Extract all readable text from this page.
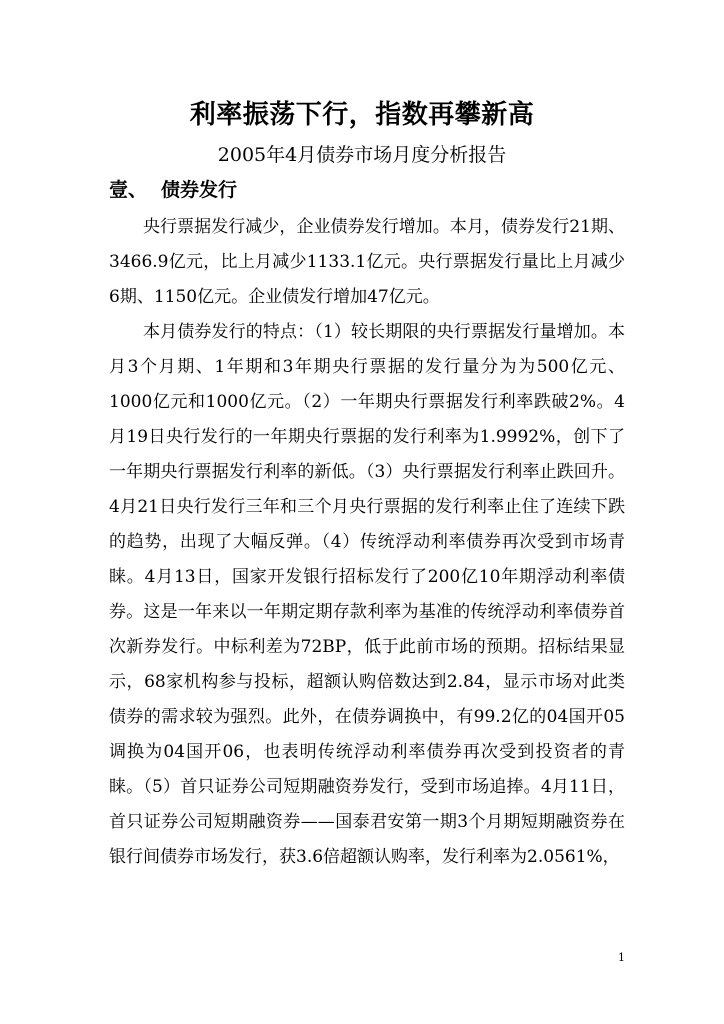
利率振荡下行，指数再攀新高
2005年4月债券市场月度分析报告
壹、 债券发行

央行票据发行减少，企业债券发行增加。本月，债券发行21期、3466.9亿元，比上月减少1133.1亿元。央行票据发行量比上月减少6期、1150亿元。企业债发行增加47亿元。

本月债券发行的特点：（1）较长期限的央行票据发行量增加。本月3个月期、1年期和3年期央行票据的发行量分为为500亿元、1000亿元和1000亿元。（2）一年期央行票据发行利率跌破2%。4月19日央行发行的一年期央行票据的发行利率为1.9992%，创下了一年期央行票据发行利率的新低。（3）央行票据发行利率止跌回升。4月21日央行发行三年和三个月央行票据的发行利率止住了连续下跌的趋势，出现了大幅反弹。（4）传统浮动利率债券再次受到市场青睐。4月13日，国家开发银行招标发行了200亿10年期浮动利率债券。这是一年来以一年期定期存款利率为基准的传统浮动利率债券首次新券发行。中标利差为72BP，低于此前市场的预期。招标结果显示，68家机构参与投标，超额认购倍数达到2.84，显示市场对此类债券的需求较为强烈。此外，在债券调换中，有99.2亿的04国开05调换为04国开06，也表明传统浮动利率债券再次受到投资者的青睐。（5）首只证券公司短期融资券发行，受到市场追捧。4月11日，首只证券公司短期融资券——国泰君安第一期3个月期短期融资券在银行间债券市场发行，获3.6倍超额认购率，发行利率为2.0561%，

1
